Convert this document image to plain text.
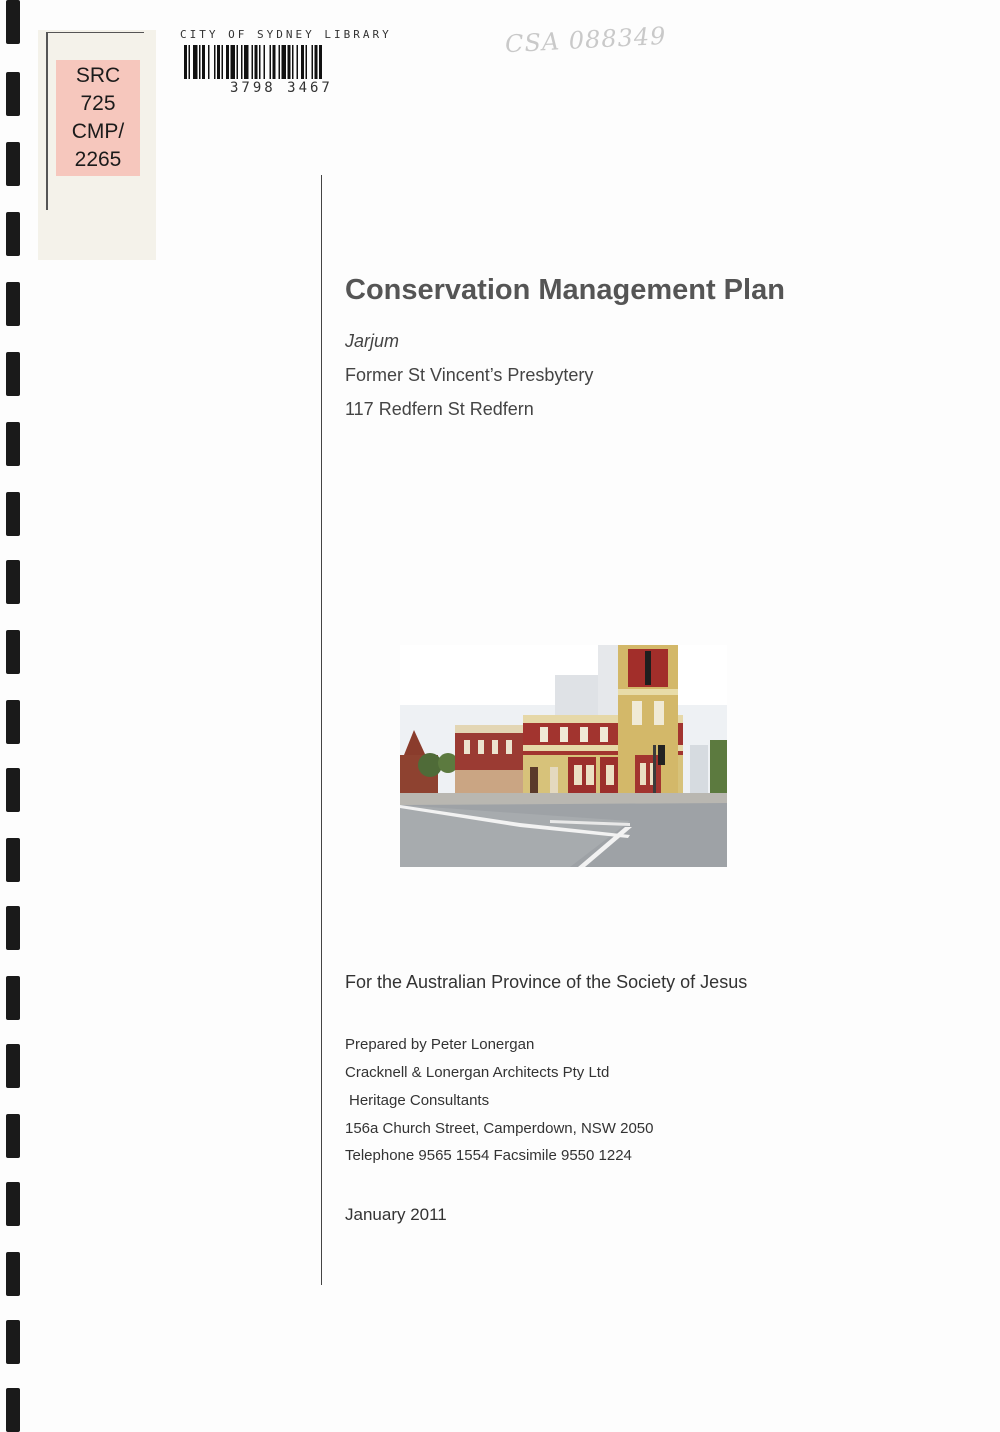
SRC
725
CMP/
2265
CITY OF SYDNEY LIBRARY
3798 3467
CSA 088349
Conservation Management Plan
Jarjum
Former St Vincent’s Presbytery
117 Redfern St Redfern
For the Australian Province of the Society of Jesus
Prepared by Peter Lonergan
Cracknell & Lonergan Architects Pty Ltd
Heritage Consultants
156a Church Street, Camperdown, NSW 2050
Telephone 9565 1554 Facsimile 9550 1224
January 2011
